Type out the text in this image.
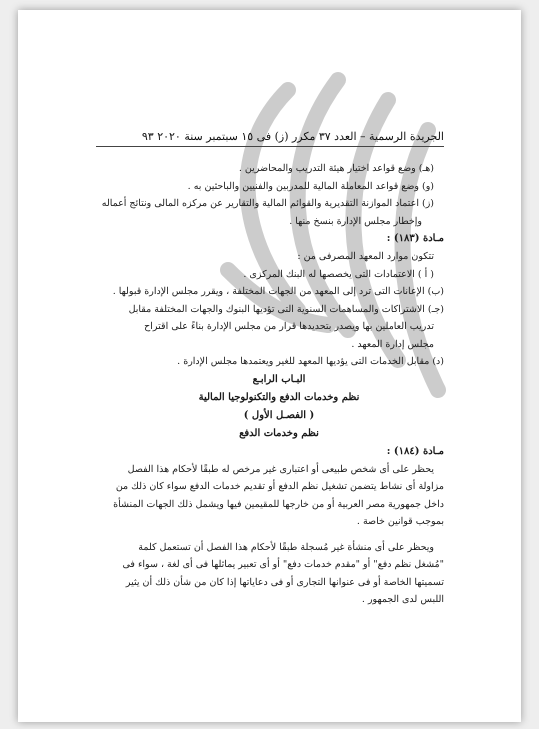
الجريدة الرسمية – العدد ٣٧ مكرر (ز) فى ١٥ سبتمبر سنة ٢٠٢٠ ٩٣
(هـ) وضع قواعد اختيار هيئة التدريب والمحاضرين .
(و) وضع قواعد المعاملة المالية للمدربين والفنيين والباحثين به .
(ز) اعتماد الموازنة التقديرية والقوائم المالية والتقارير عن مركزه المالى ونتائج أعماله
وإخطار مجلس الإدارة بنسخ منها .
مـادة (١٨٣) :
تتكون موارد المعهد المصرفى من :
( أ ) الاعتمادات التى يخصصها له البنك المركزى .
(ب) الإعانات التى ترد إلى المعهد من الجهات المختلفة ، ويقرر مجلس الإدارة قبولها .
(جـ) الاشتراكات والمساهمات السنوية التى تؤديها البنوك والجهات المختلفة مقابل
تدريب العاملين بها ويصدر بتحديدها قرار من مجلس الإدارة بناءً على اقتراح
مجلس إدارة المعهد .
(د) مقابل الخدمات التى يؤديها المعهد للغير ويعتمدها مجلس الإدارة .
البـاب الرابـع
نظم وخدمات الدفع والتكنولوجيا المالية
( الفصـل الأول )
نظم وخدمات الدفع
مـادة (١٨٤) :
يحظر على أى شخص طبيعى أو اعتبارى غير مرخص له طبقًا لأحكام هذا الفصل
مزاولة أى نشاط يتضمن تشغيل نظم الدفع أو تقديم خدمات الدفع سواء كان ذلك من
داخل جمهورية مصر العربية أو من خارجها للمقيمين فيها ويشمل ذلك الجهات المنشأة
بموجب قوانين خاصة .
ويحظر على أى منشأة غير مُسجلة طبقًا لأحكام هذا الفصل أن تستعمل كلمة
"مُشغل نظم دفع" أو "مقدم خدمات دفع" أو أى تعبير يماثلها فى أى لغة ، سواء فى
تسميتها الخاصة أو فى عنوانها التجارى أو فى دعاياتها إذا كان من شأن ذلك أن يثير
اللبس لدى الجمهور .
